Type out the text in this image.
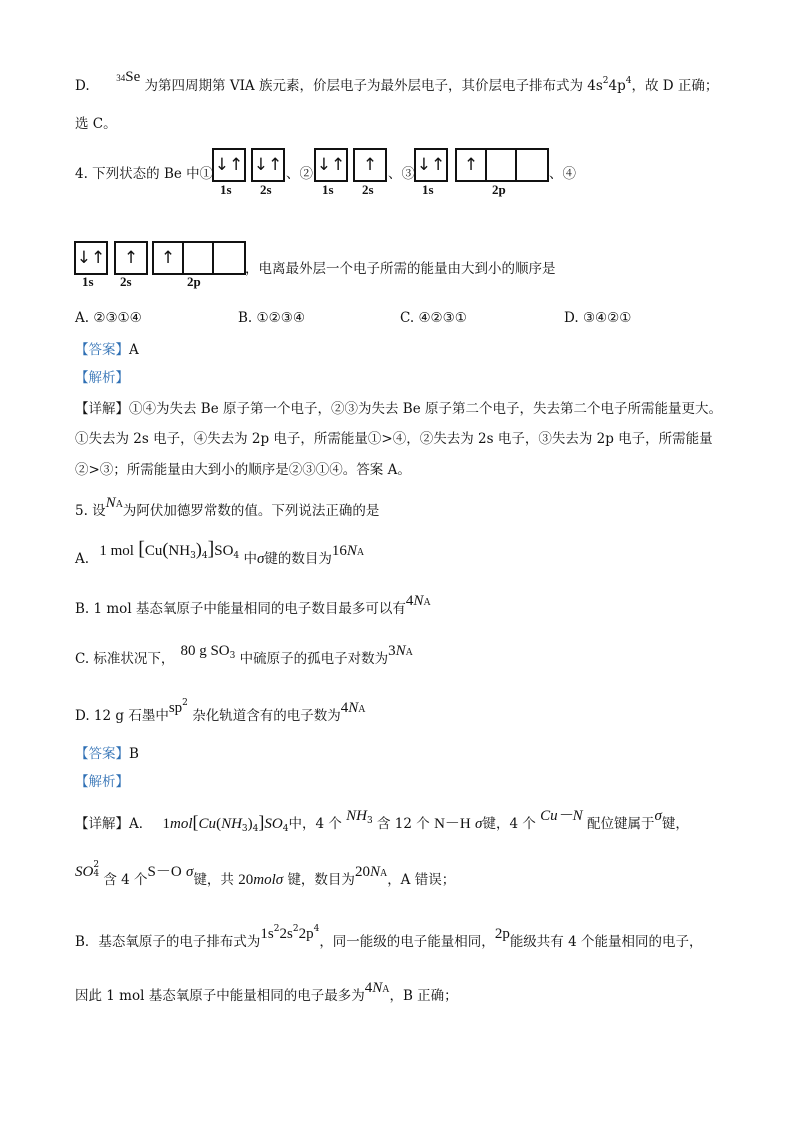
D.	$^{34}$Se 为第四周期第 VIA 族元素，价层电子为最外层电子，其价层电子排布式为 $4s^24p^4$，故 D 正确；
选 C。
4. 下列状态的 Be 中① ↓↑
1s
↓↑
2s
、② ↓↑
1s
↑
2s
、③ ↓↑
1s
↑
2p
、④
↓↑
1s
↑
2s
↑
2p
，电离最外层一个电子所需的能量由大到小的顺序是
A. ②③①④	B. ①②③④	C. ④②③①	D. ③④②①
【答案】A
【解析】
【详解】①④为失去 Be 原子第一个电子，②③为失去 Be 原子第二个电子，失去第二个电子所需能量更大。
①失去为 2s 电子，④失去为 2p 电子，所需能量①>④，②失去为 2s 电子，③失去为 2p 电子，所需能量
②>③；所需能量由大到小的顺序是②③①④。答案 A。
5. 设$N^A$为阿伏加德罗常数的值。下列说法正确的是
A. 1 mol $[Cu(NH_3)_4]SO_4$ 中σ键的数目为$16N^A$
B. 1 mol 基态氧原子中能量相同的电子数目最多可以有$4N^A$
C. 标准状况下， 80 g $SO_3$ 中硫原子的孤电子对数为$3N^A$
D. 12 g 石墨中$sp^2$ 杂化轨道含有的电子数为$4N^A$
【答案】B
【解析】
【详解】A． $1mol[Cu(NH_3)_4]SO_4$中，4 个 $NH_3$ 含 12 个 N－H σ键，4 个 Cu－N 配位键属于σ键，
SO2
4 含 4 个S－O σ键，共 20molσ 键，数目为$20N^A$，A 错误；
B．基态氧原子的电子排布式为$1s^22s^22p^4$，同一能级的电子能量相同，2p能级共有 4 个能量相同的电子，
因此 1 mol 基态氧原子中能量相同的电子最多为$4N^A$，B 正确；
